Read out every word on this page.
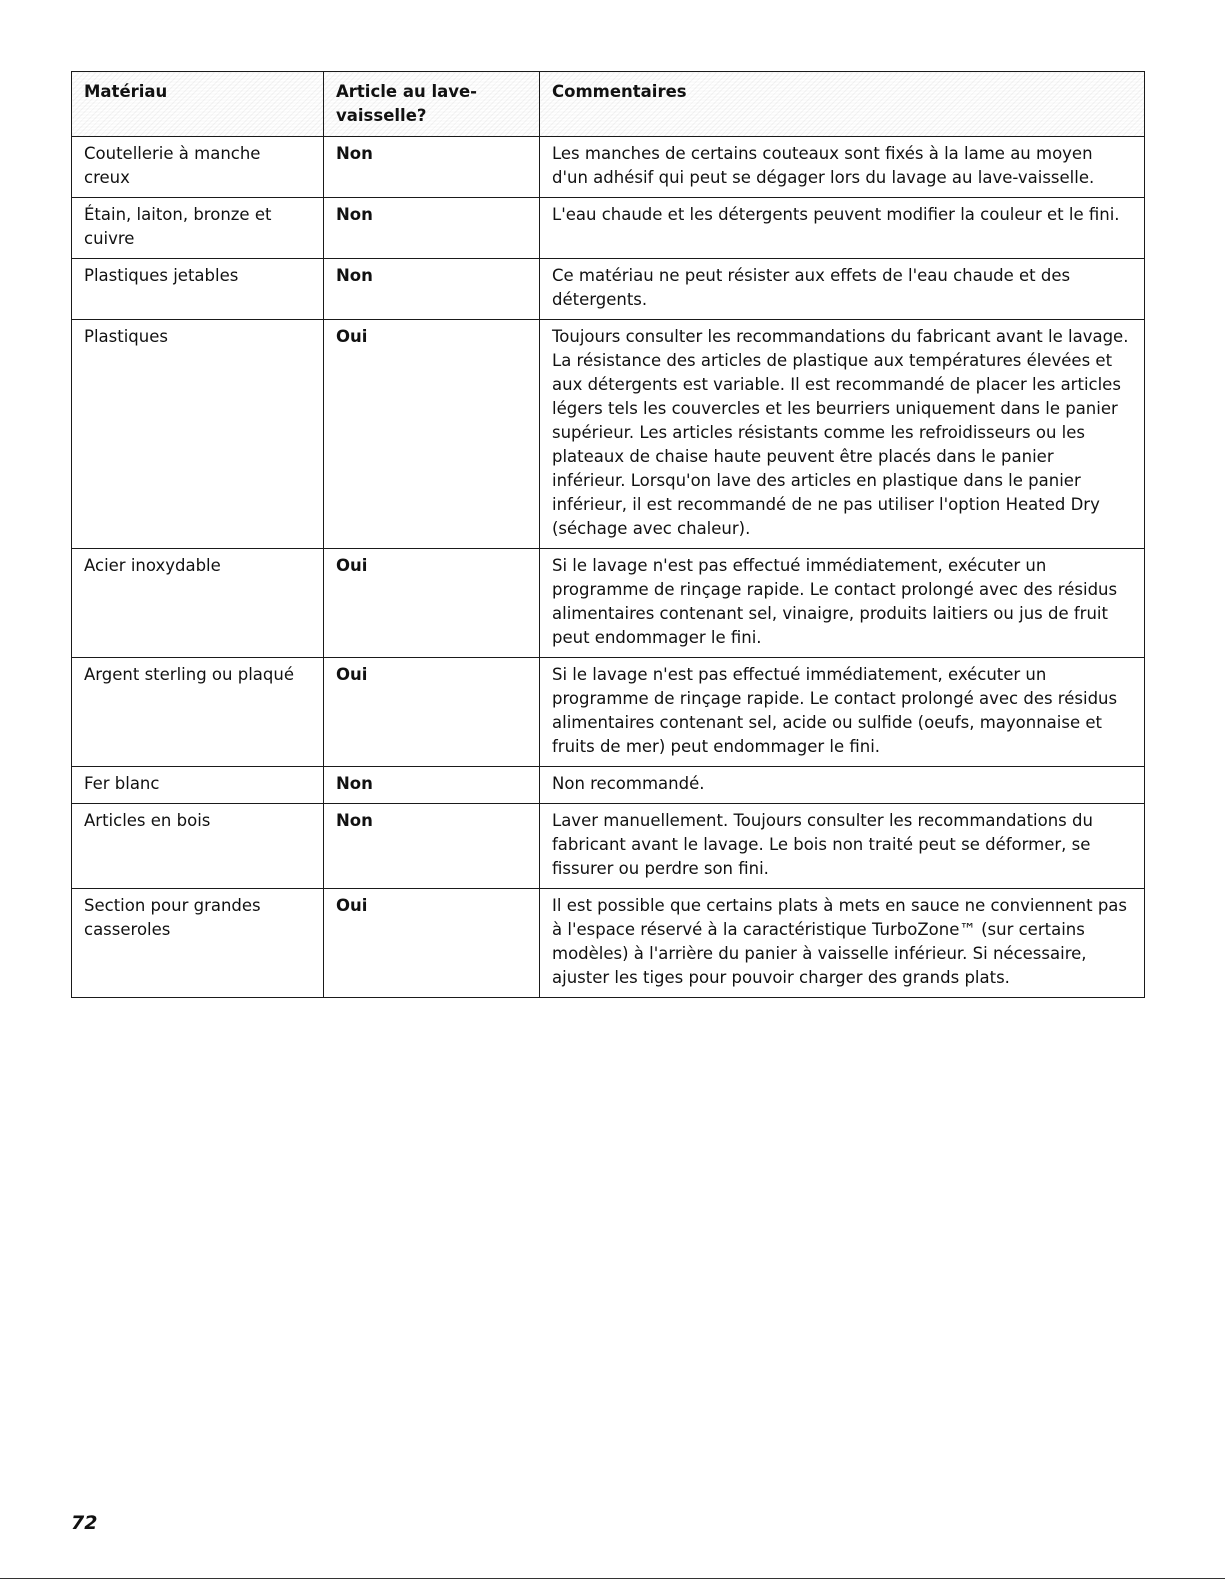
Matériau	Article au lave-vaisselle?	Commentaires
Coutellerie à manche creux	Non	Les manches de certains couteaux sont fixés à la lame au moyen d'un adhésif qui peut se dégager lors du lavage au lave-vaisselle.
Étain, laiton, bronze et cuivre	Non	L'eau chaude et les détergents peuvent modifier la couleur et le fini.
Plastiques jetables	Non	Ce matériau ne peut résister aux effets de l'eau chaude et des détergents.
Plastiques	Oui	Toujours consulter les recommandations du fabricant avant le lavage. La résistance des articles de plastique aux températures élevées et aux détergents est variable. Il est recommandé de placer les articles légers tels les couvercles et les beurriers uniquement dans le panier supérieur. Les articles résistants comme les refroidisseurs ou les plateaux de chaise haute peuvent être placés dans le panier inférieur. Lorsqu'on lave des articles en plastique dans le panier inférieur, il est recommandé de ne pas utiliser l'option Heated Dry (séchage avec chaleur).
Acier inoxydable	Oui	Si le lavage n'est pas effectué immédiatement, exécuter un programme de rinçage rapide. Le contact prolongé avec des résidus alimentaires contenant sel, vinaigre, produits laitiers ou jus de fruit peut endommager le fini.
Argent sterling ou plaqué	Oui	Si le lavage n'est pas effectué immédiatement, exécuter un programme de rinçage rapide. Le contact prolongé avec des résidus alimentaires contenant sel, acide ou sulfide (oeufs, mayonnaise et fruits de mer) peut endommager le fini.
Fer blanc	Non	Non recommandé.
Articles en bois	Non	Laver manuellement. Toujours consulter les recommandations du fabricant avant le lavage. Le bois non traité peut se déformer, se fissurer ou perdre son fini.
Section pour grandes casseroles	Oui	Il est possible que certains plats à mets en sauce ne conviennent pas à l'espace réservé à la caractéristique TurboZone™ (sur certains modèles) à l'arrière du panier à vaisselle inférieur. Si nécessaire, ajuster les tiges pour pouvoir charger des grands plats.
72
